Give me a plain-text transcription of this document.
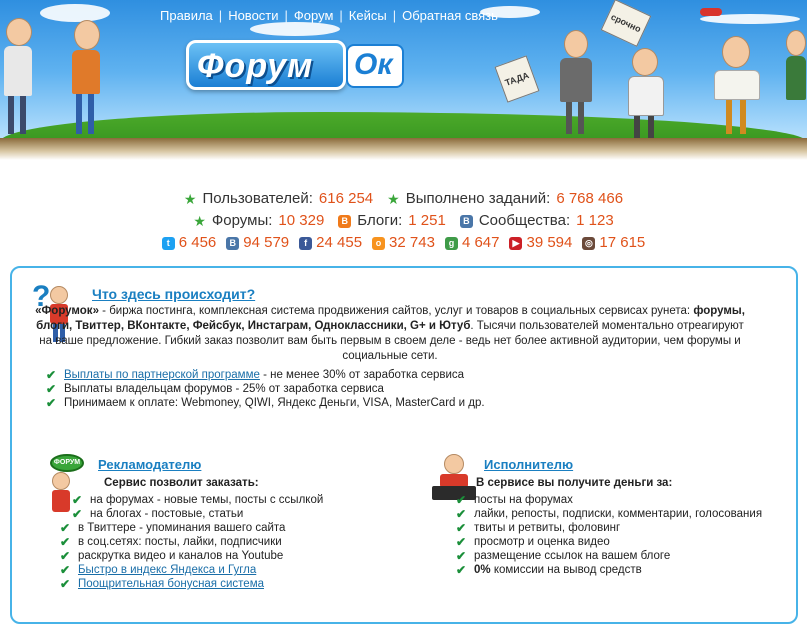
ТАДА
срочно
Правила | Новости | Форум | Кейсы | Обратная связь
Форум Ок
★ Пользователей: 616 254 ★ Выполнено заданий: 6 768 466
★ Форумы: 10 329	B Блоги: 1 251	B Сообщества: 1 123
t 6 456	B 94 579	f 24 455	o 32 743	g 4 647	▶ 39 594 ◎ 17 615
?	Что здесь происходит?

«Форумок» - биржа постинга, комплексная система продвижения сайтов, услуг и товаров в социальных сервисах рунета: форумы, блоги, Твиттер, ВКонтакте, Фейсбук, Инстаграм, Одноклассники, G+ и Ютуб. Тысячи пользователей моментально отреагируют на ваше предложение. Гибкий заказ позволит вам быть первым в своем деле - ведь нет более активной аудитории, чем форумы и социальные сети.

✔ Выплаты по партнерской программе - не менее 30% от заработка сервиса
✔ Выплаты владельцам форумов - 25% от заработка сервиса
✔ Принимаем к оплате: Webmoney, QIWI, Яндекс Деньги, VISA, MasterCard и др.
ФОРУМ	Рекламодателю
Сервис позволит заказать:
✔ на форумах - новые темы, посты с ссылкой
✔ на блогах - постовые, статьи
✔ в Твиттере - упоминания вашего сайта
✔ в соц.сетях: посты, лайки, подписчики
✔ раскрутка видео и каналов на Youtube
✔ Быстро в индекс Яндекса и Гугла
✔ Поощрительная бонусная система
Исполнителю
В сервисе вы получите деньги за:
✔ посты на форумах
✔ лайки, репосты, подписки, комментарии, голосования
✔ твиты и ретвиты, фоловинг
✔ просмотр и оценка видео
✔ размещение ссылок на вашем блоге
✔ 0% комиссии на вывод средств
